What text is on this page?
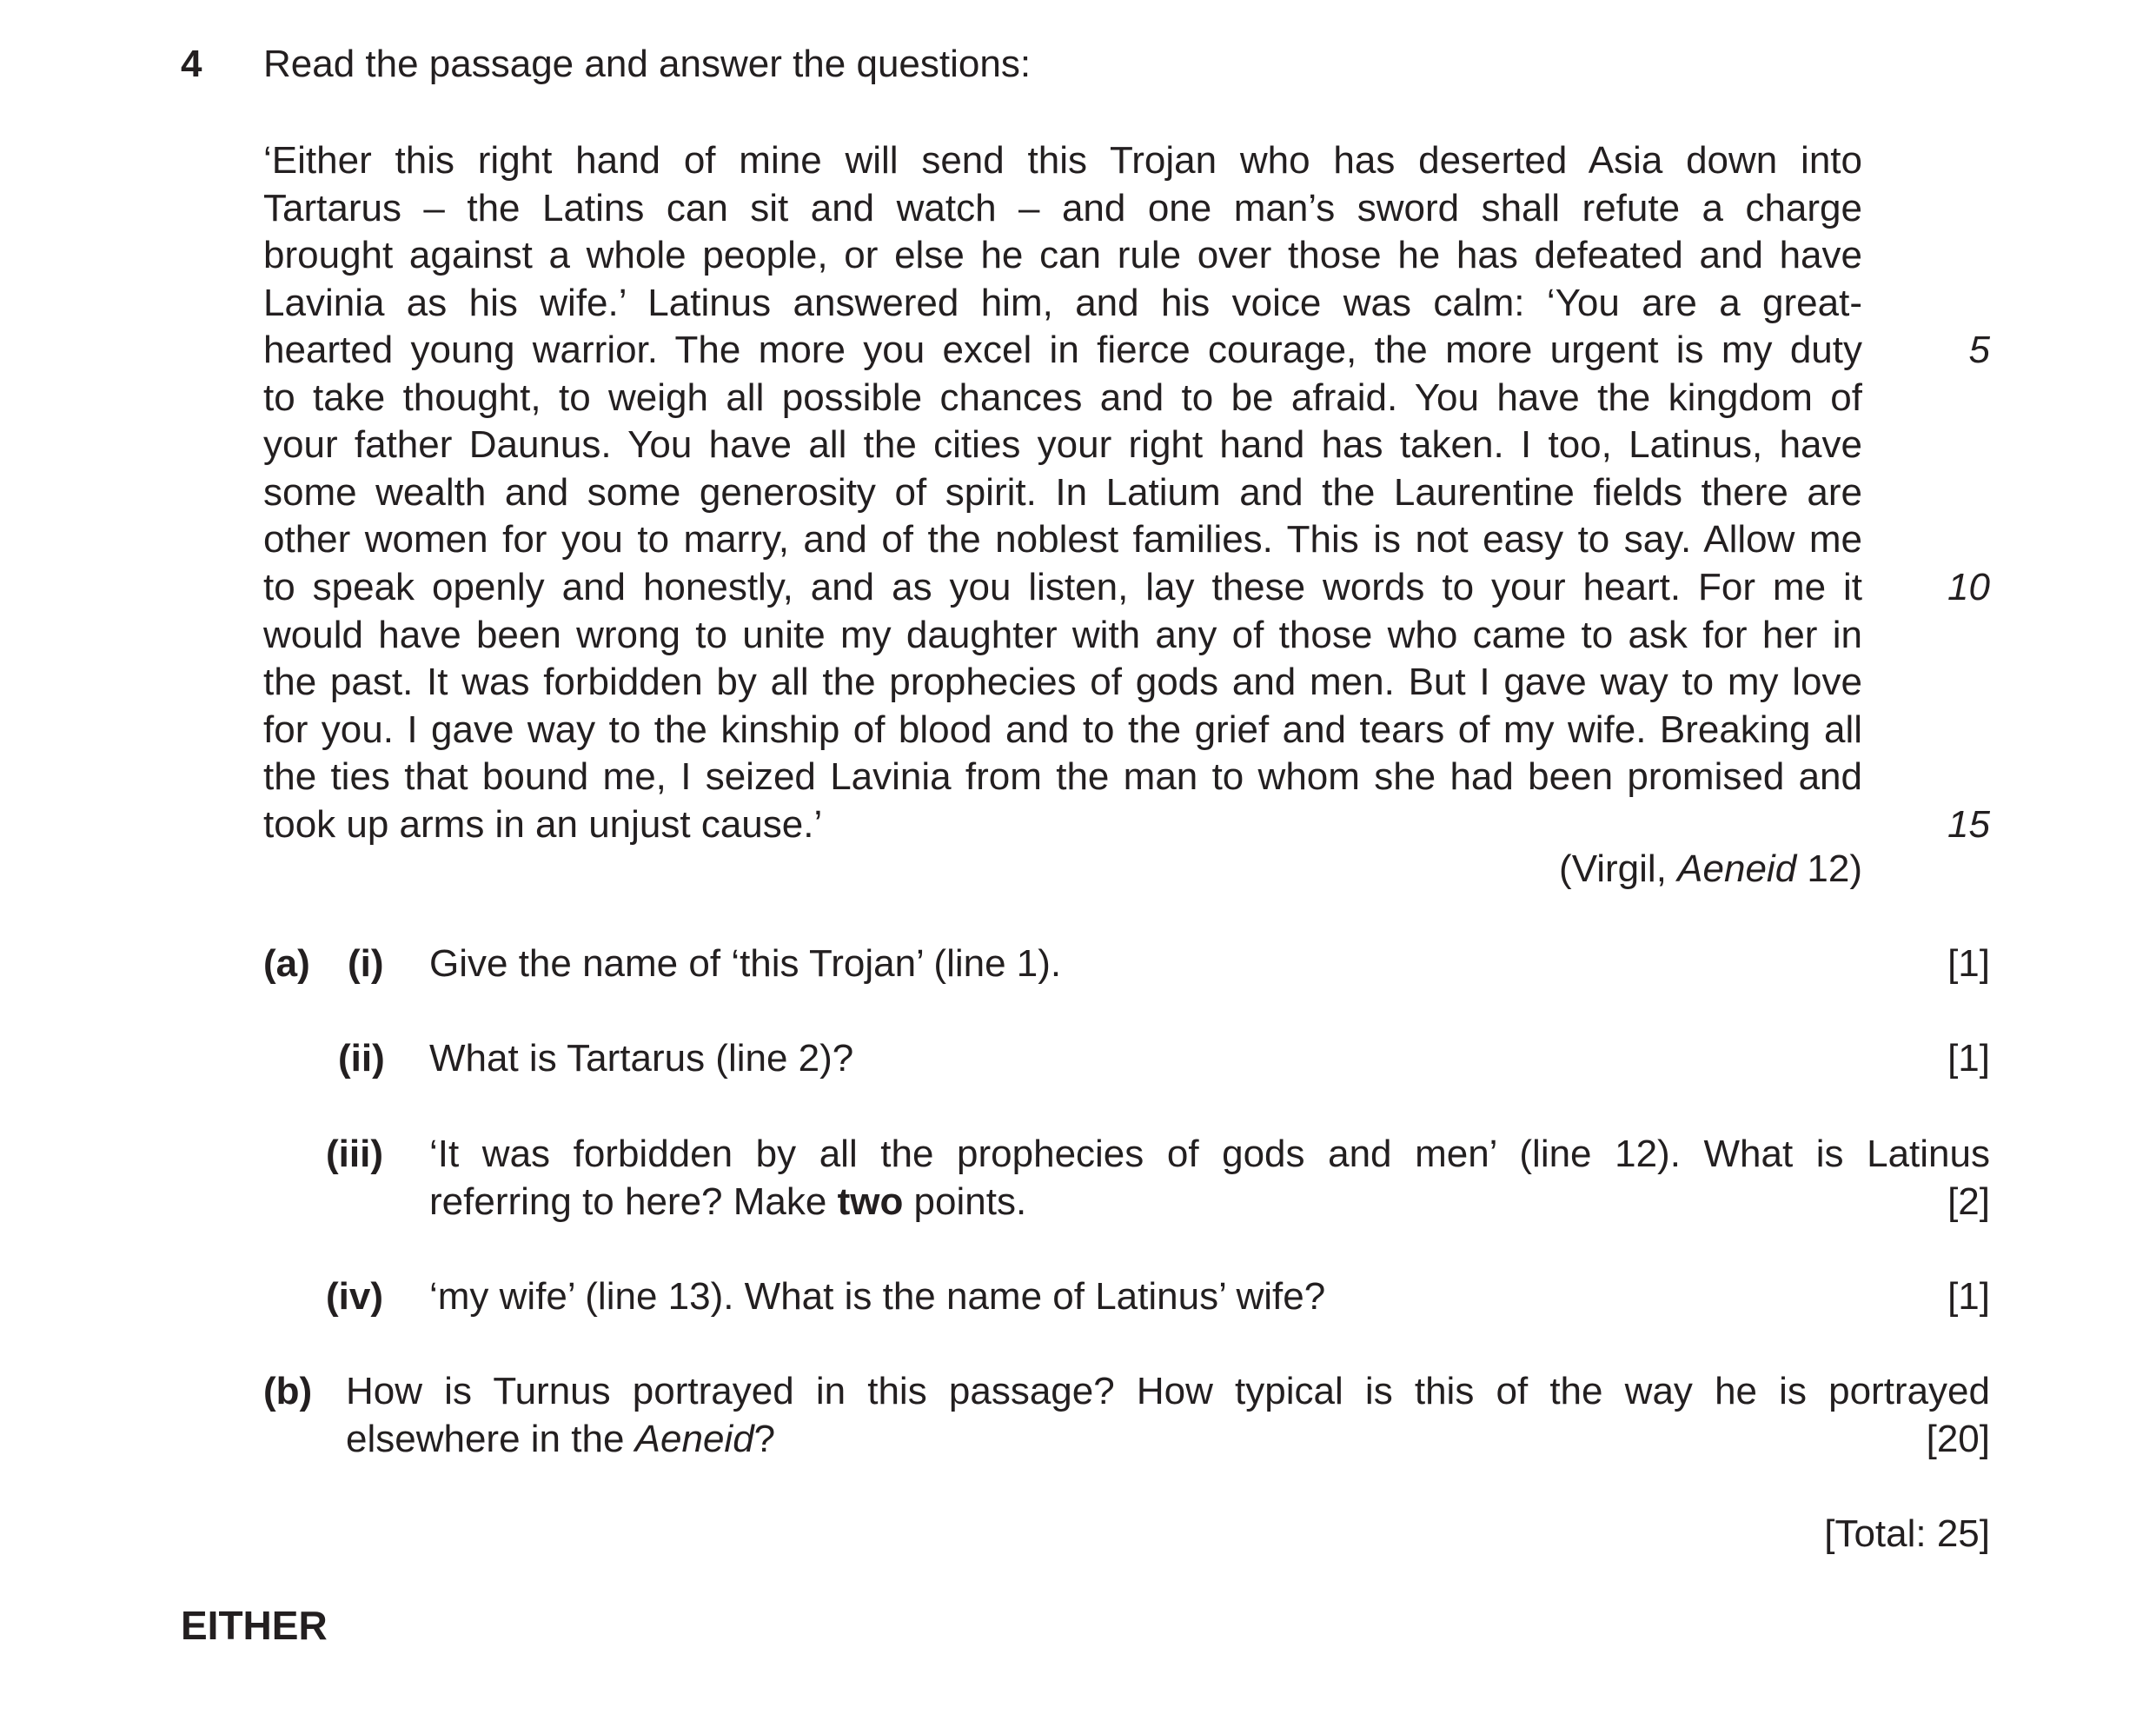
4 Read the passage and answer the questions:
‘Either this right hand of mine will send this Trojan who has deserted Asia down into
Tartarus – the Latins can sit and watch – and one man’s sword shall refute a charge
brought against a whole people, or else he can rule over those he has defeated and have
Lavinia as his wife.’ Latinus answered him, and his voice was calm: ‘You are a great-
hearted young warrior. The more you excel in fierce courage, the more urgent is my duty
to take thought, to weigh all possible chances and to be afraid. You have the kingdom of
your father Daunus. You have all the cities your right hand has taken. I too, Latinus, have
some wealth and some generosity of spirit. In Latium and the Laurentine fields there are
other women for you to marry, and of the noblest families. This is not easy to say. Allow me
to speak openly and honestly, and as you listen, lay these words to your heart. For me it
would have been wrong to unite my daughter with any of those who came to ask for her in
the past. It was forbidden by all the prophecies of gods and men. But I gave way to my love
for you. I gave way to the kinship of blood and to the grief and tears of my wife. Breaking all
the ties that bound me, I seized Lavinia from the man to whom she had been promised and
took up arms in an unjust cause.’
5
10
15
(Virgil, Aeneid 12)
(a) (i) Give the name of ‘this Trojan’ (line 1).	[1]
(ii) What is Tartarus (line 2)?	[1]
(iii) ‘It was forbidden by all the prophecies of gods and men’ (line 12). What is Latinus
referring to here? Make two points.	[2]
(iv) ‘my wife’ (line 13). What is the name of Latinus’ wife?	[1]
(b) How is Turnus portrayed in this passage? How typical is this of the way he is portrayed
elsewhere in the Aeneid?	[20]
[Total: 25]
EITHER
